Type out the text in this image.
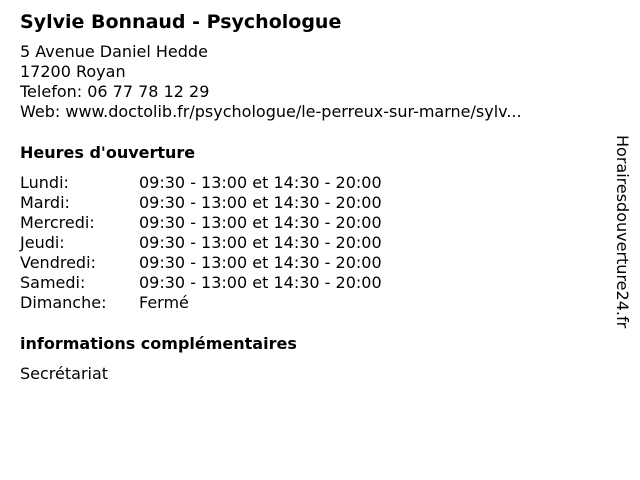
Sylvie Bonnaud - Psychologue
5 Avenue Daniel Hedde
17200 Royan
Telefon: 06 77 78 12 29
Web: www.doctolib.fr/psychologue/le-perreux-sur-marne/sylv...
Heures d'ouverture
Lundi:	09:30 - 13:00 et 14:30 - 20:00
Mardi:	09:30 - 13:00 et 14:30 - 20:00
Mercredi:	09:30 - 13:00 et 14:30 - 20:00
Jeudi:	09:30 - 13:00 et 14:30 - 20:00
Vendredi:	09:30 - 13:00 et 14:30 - 20:00
Samedi:	09:30 - 13:00 et 14:30 - 20:00
Dimanche:	Fermé
informations complémentaires
Secrétariat
Horairesdouverture24.fr
